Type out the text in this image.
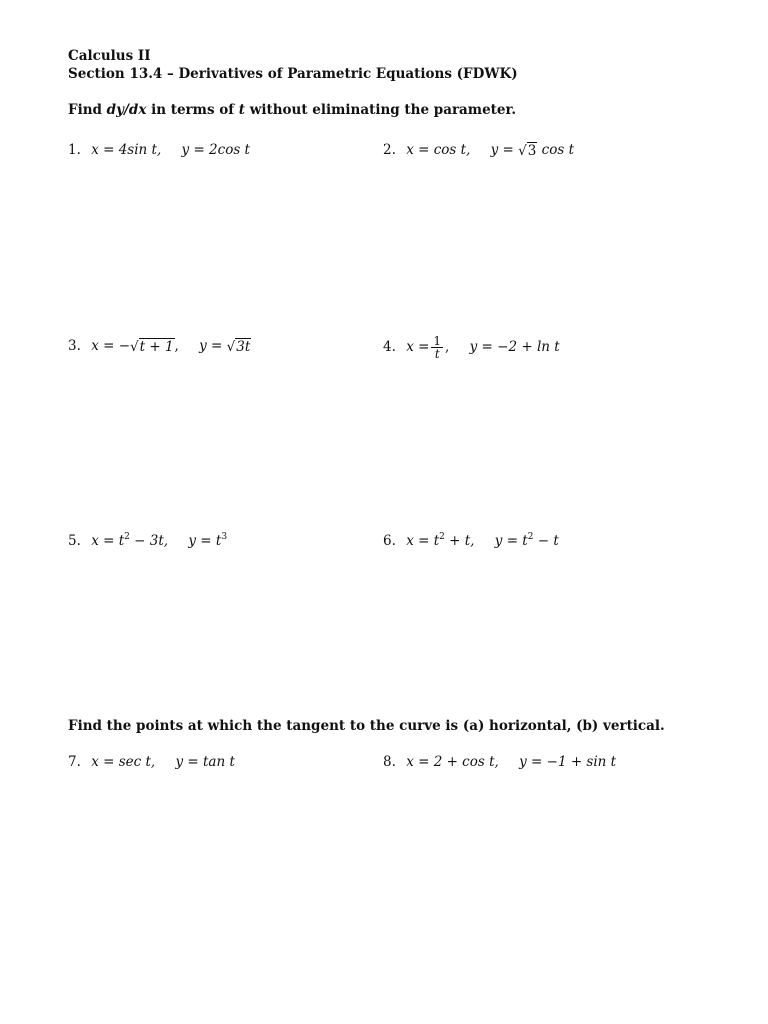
Calculus II
Section 13.4 – Derivatives of Parametric Equations (FDWK)
Find dy/dx in terms of t without eliminating the parameter.
1. x = 4sin t, y = 2cos t	2. x = cos t, y = √3 cos t
3. x = −√t + 1, y = √3t	4. $x = \frac{1}{t}$ , y = −2 + ln t
5. $x = t^2 - 3t$, $y = t^3$	6. $x = t^2 + t$, $y = t^2 - t$
Find the points at which the tangent to the curve is (a) horizontal, (b) vertical.
7. x = sec t, y = tan t	8. x = 2 + cos t, y = −1 + sin t
